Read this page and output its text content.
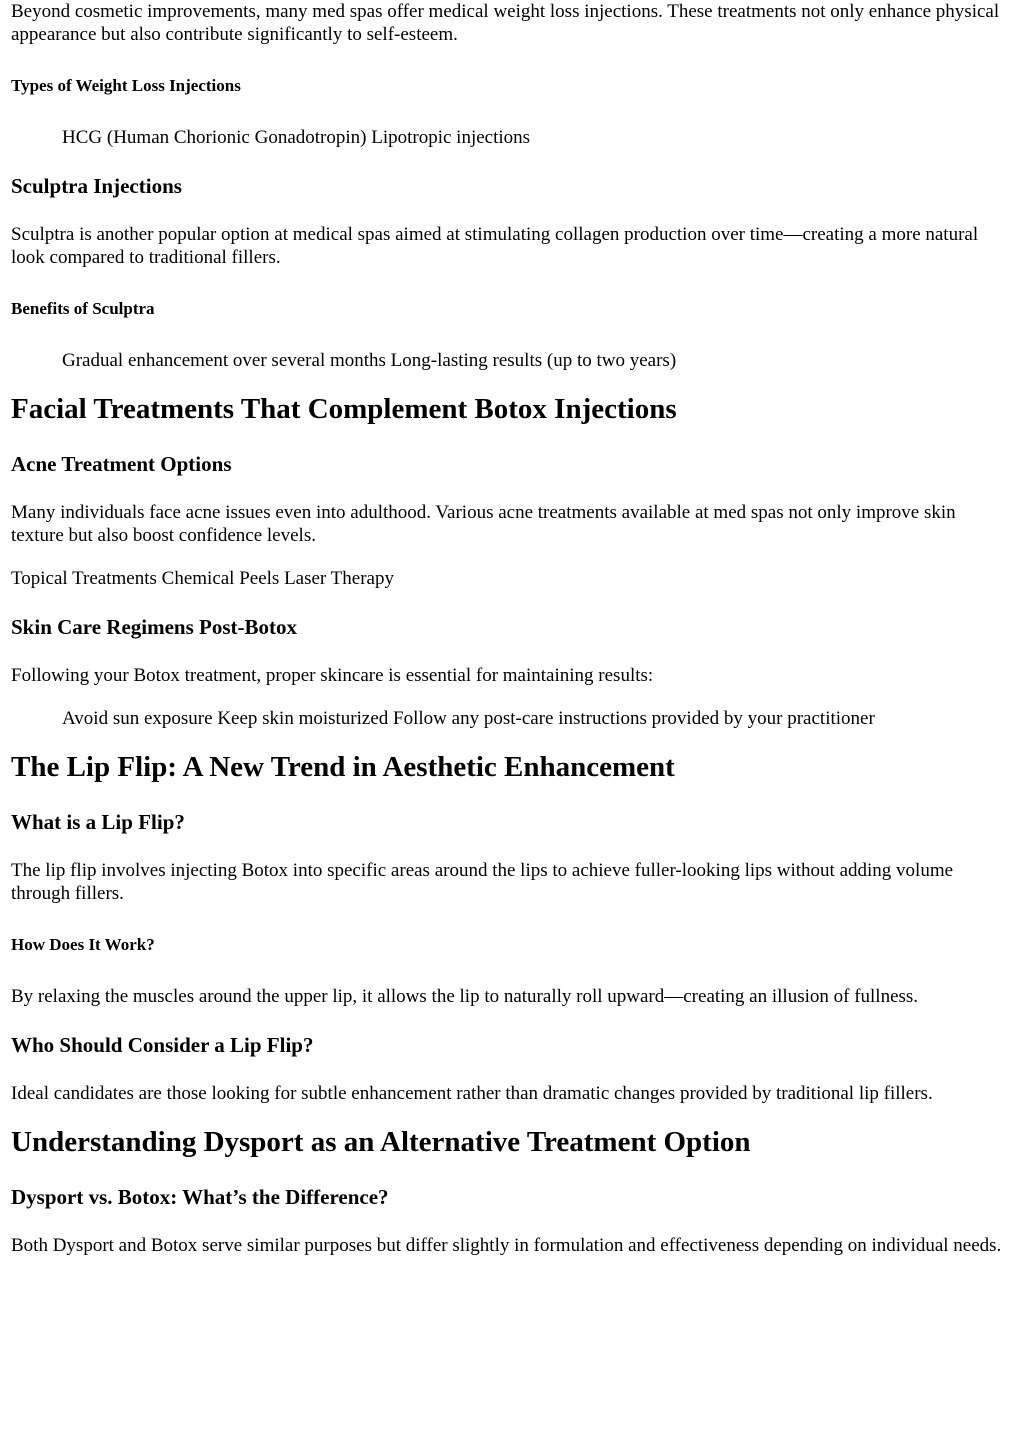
Beyond cosmetic improvements, many med spas offer medical weight loss injections. These treatments not only enhance physical appearance but also contribute significantly to self-esteem.

Types of Weight Loss Injections

HCG (Human Chorionic Gonadotropin) Lipotropic injections

Sculptra Injections

Sculptra is another popular option at medical spas aimed at stimulating collagen production over time—creating a more natural look compared to traditional fillers.

Benefits of Sculptra

Gradual enhancement over several months Long-lasting results (up to two years)

Facial Treatments That Complement Botox Injections
Acne Treatment Options

Many individuals face acne issues even into adulthood. Various acne treatments available at med spas not only improve skin texture but also boost confidence levels.

Topical Treatments Chemical Peels Laser Therapy

Skin Care Regimens Post-Botox

Following your Botox treatment, proper skincare is essential for maintaining results:

Avoid sun exposure Keep skin moisturized Follow any post-care instructions provided by your practitioner

The Lip Flip: A New Trend in Aesthetic Enhancement
What is a Lip Flip?

The lip flip involves injecting Botox into specific areas around the lips to achieve fuller-looking lips without adding volume through fillers.

How Does It Work?

By relaxing the muscles around the upper lip, it allows the lip to naturally roll upward—creating an illusion of fullness.

Who Should Consider a Lip Flip?

Ideal candidates are those looking for subtle enhancement rather than dramatic changes provided by traditional lip fillers.

Understanding Dysport as an Alternative Treatment Option
Dysport vs. Botox: What’s the Difference?

Both Dysport and Botox serve similar purposes but differ slightly in formulation and effectiveness depending on individual needs.
